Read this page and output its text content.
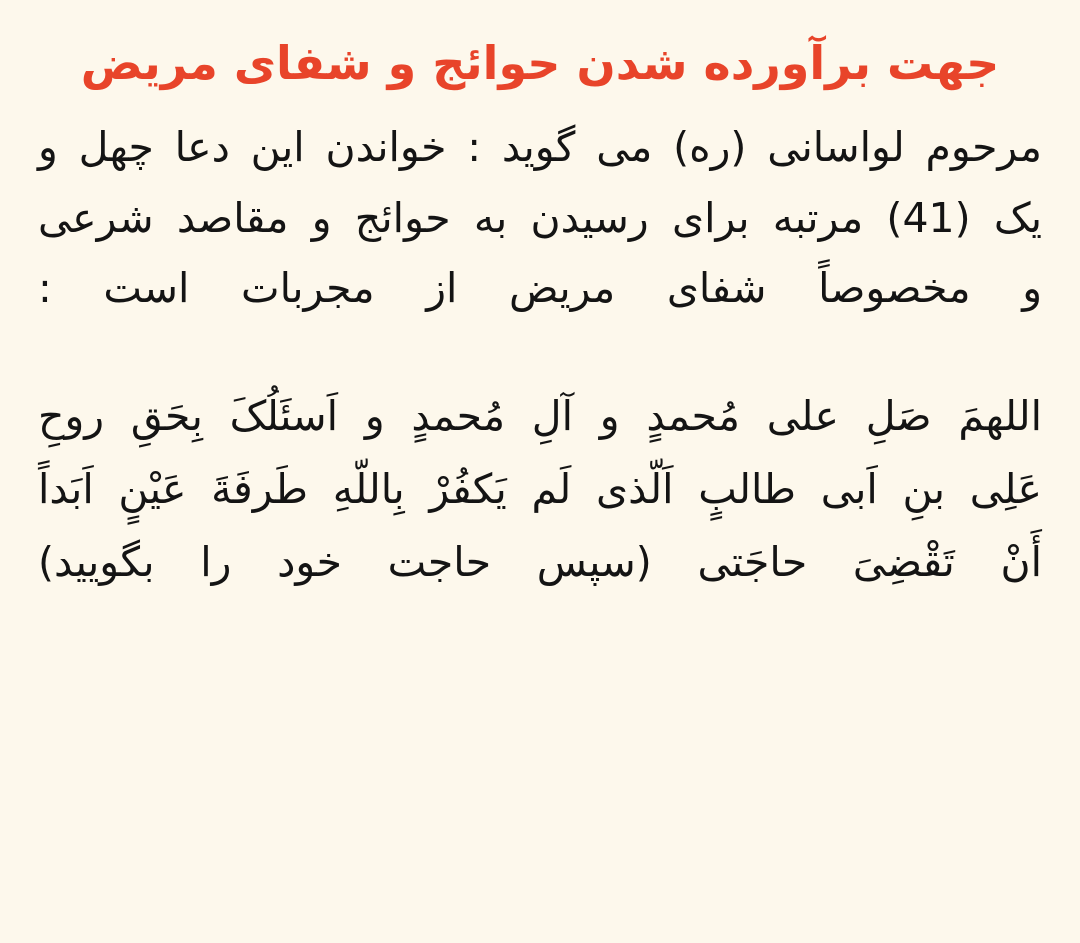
جهت برآورده شدن حوائج و شفای مریض
مرحوم لواسانی (ره) می گوید : خواندن این دعا چهل و
یک (41) مرتبه برای رسیدن به حوائج و مقاصد شرعی
و مخصوصاً شفای مریض از مجربات است :
اللهمَ صَلِ علی مُحمدٍ و آلِ مُحمدٍ و اَسئَلُکَ بِحَقِ روحِ
عَلِی بنِ اَبی طالبٍ اَلّذی لَم یَکفُرْ بِاللّهِ طَرفَةَ عَیْنٍ اَبَداً
أَنْ تَقْضِیَ حاجَتی (سپس حاجت خود را بگویید)
